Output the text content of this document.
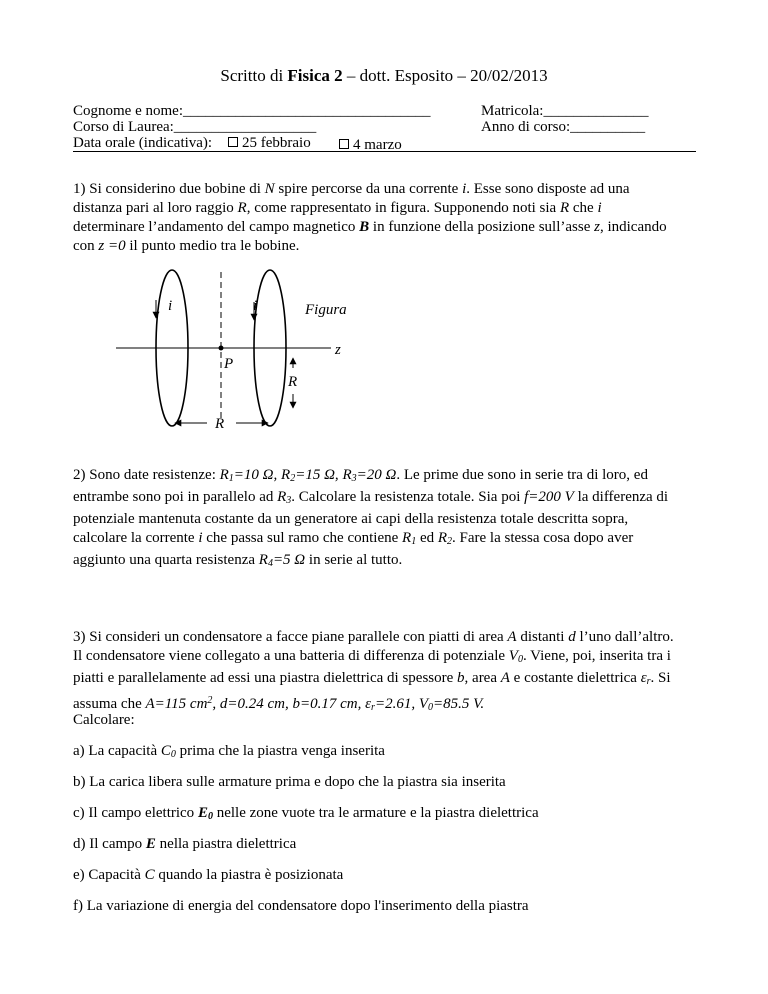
Scritto di Fisica 2 – dott. Esposito – 20/02/2013
Cognome e nome:_________________________________
Corso di Laurea:___________________
Data orale (indicativa):	25 febbraio	4 marzo
Matricola:______________
Anno di corso:__________
1) Si considerino due bobine di N spire percorse da una corrente i. Esse sono disposte ad una
distanza pari al loro raggio R, come rappresentato in figura. Supponendo noti sia R che i
determinare l’andamento del campo magnetico B in funzione della posizione sull’asse z, indicando
con z =0 il punto medio tra le bobine.
i	i	Figura
z
P
R
R
2) Sono date resistenze: $R_1=10$ Ω, $R_2=15$ Ω, $R_3=20$ Ω. Le prime due sono in serie tra di loro, ed
entrambe sono poi in parallelo ad $R_3$. Calcolare la resistenza totale. Sia poi f=200 V la differenza di
potenziale mantenuta costante da un generatore ai capi della resistenza totale descritta sopra,
calcolare la corrente i che passa sul ramo che contiene $R_1$ ed $R_2$. Fare la stessa cosa dopo aver
aggiunto una quarta resistenza $R_4=5$ Ω in serie al tutto.
3) Si consideri un condensatore a facce piane parallele con piatti di area A distanti d l’uno dall’altro.
Il condensatore viene collegato a una batteria di differenza di potenziale $V_0$. Viene, poi, inserita tra i
piatti e parallelamente ad essi una piastra dielettrica di spessore b, area A e costante dielettrica $\varepsilon_r$. Si
assuma che A=115 $cm^2$, d=0.24 cm, b=0.17 cm, $\varepsilon_r=2.61$, $V_0=85.5$ V.
Calcolare:
a) La capacità $C_0$ prima che la piastra venga inserita
b) La carica libera sulle armature prima e dopo che la piastra sia inserita
c) Il campo elettrico $E_0$ nelle zone vuote tra le armature e la piastra dielettrica
d) Il campo E nella piastra dielettrica
e) Capacità C quando la piastra è posizionata
f) La variazione di energia del condensatore dopo l'inserimento della piastra
